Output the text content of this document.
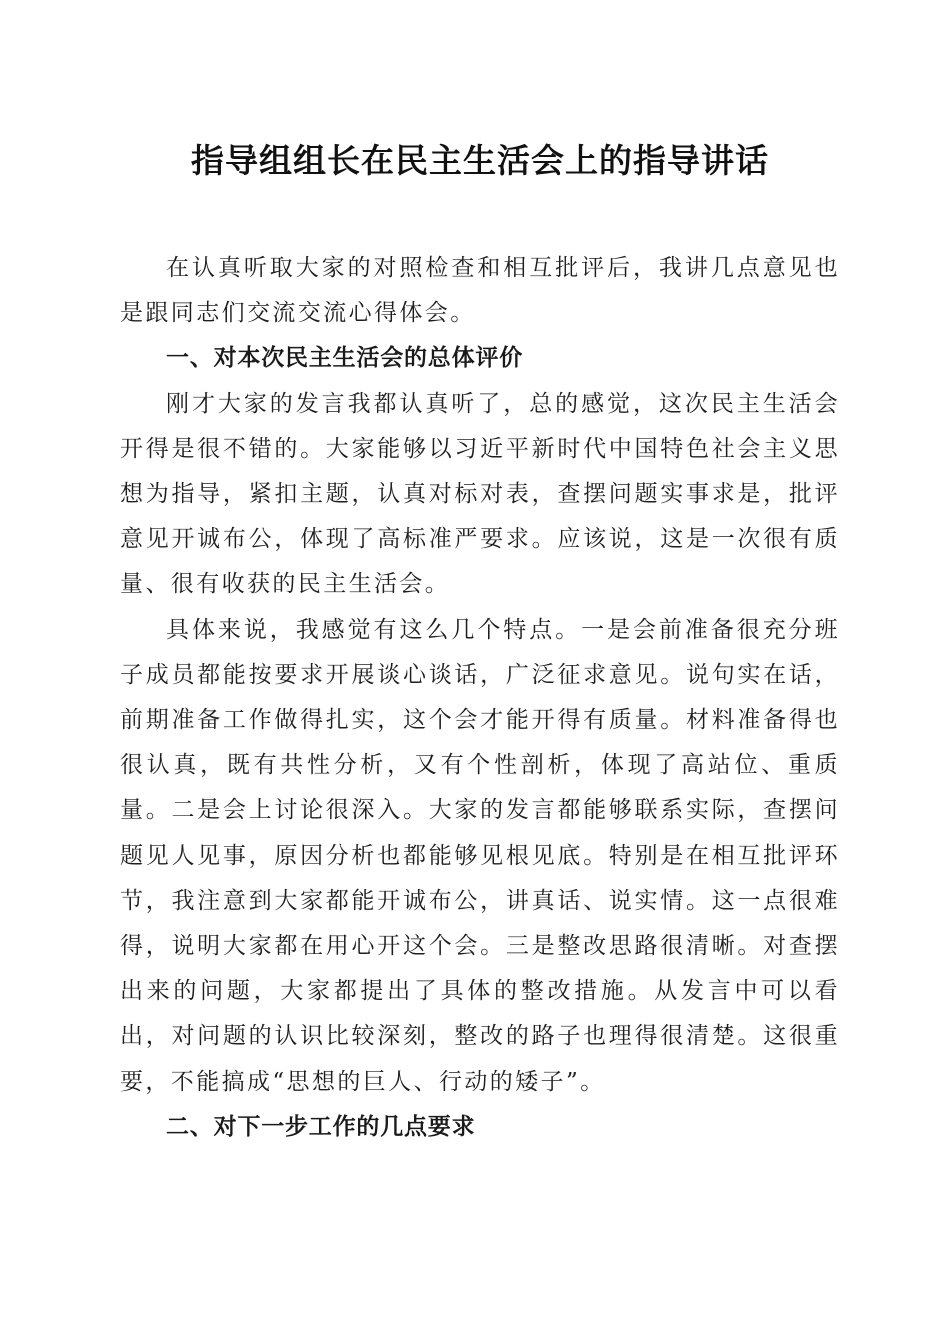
指导组组长在民主生活会上的指导讲话

在认真听取大家的对照检查和相互批评后，我讲几点意见也是跟同志们交流交流心得体会。

一、对本次民主生活会的总体评价

刚才大家的发言我都认真听了，总的感觉，这次民主生活会开得是很不错的。大家能够以习近平新时代中国特色社会主义思想为指导，紧扣主题，认真对标对表，查摆问题实事求是，批评意见开诚布公，体现了高标准严要求。应该说，这是一次很有质量、很有收获的民主生活会。

具体来说，我感觉有这么几个特点。一是会前准备很充分班子成员都能按要求开展谈心谈话，广泛征求意见。说句实在话，前期准备工作做得扎实，这个会才能开得有质量。材料准备得也很认真，既有共性分析，又有个性剖析，体现了高站位、重质量。二是会上讨论很深入。大家的发言都能够联系实际，查摆问题见人见事，原因分析也都能够见根见底。特别是在相互批评环节，我注意到大家都能开诚布公，讲真话、说实情。这一点很难得，说明大家都在用心开这个会。三是整改思路很清晰。对查摆出来的问题，大家都提出了具体的整改措施。从发言中可以看出，对问题的认识比较深刻，整改的路子也理得很清楚。这很重要，不能搞成“思想的巨人、行动的矮子”。

二、对下一步工作的几点要求
